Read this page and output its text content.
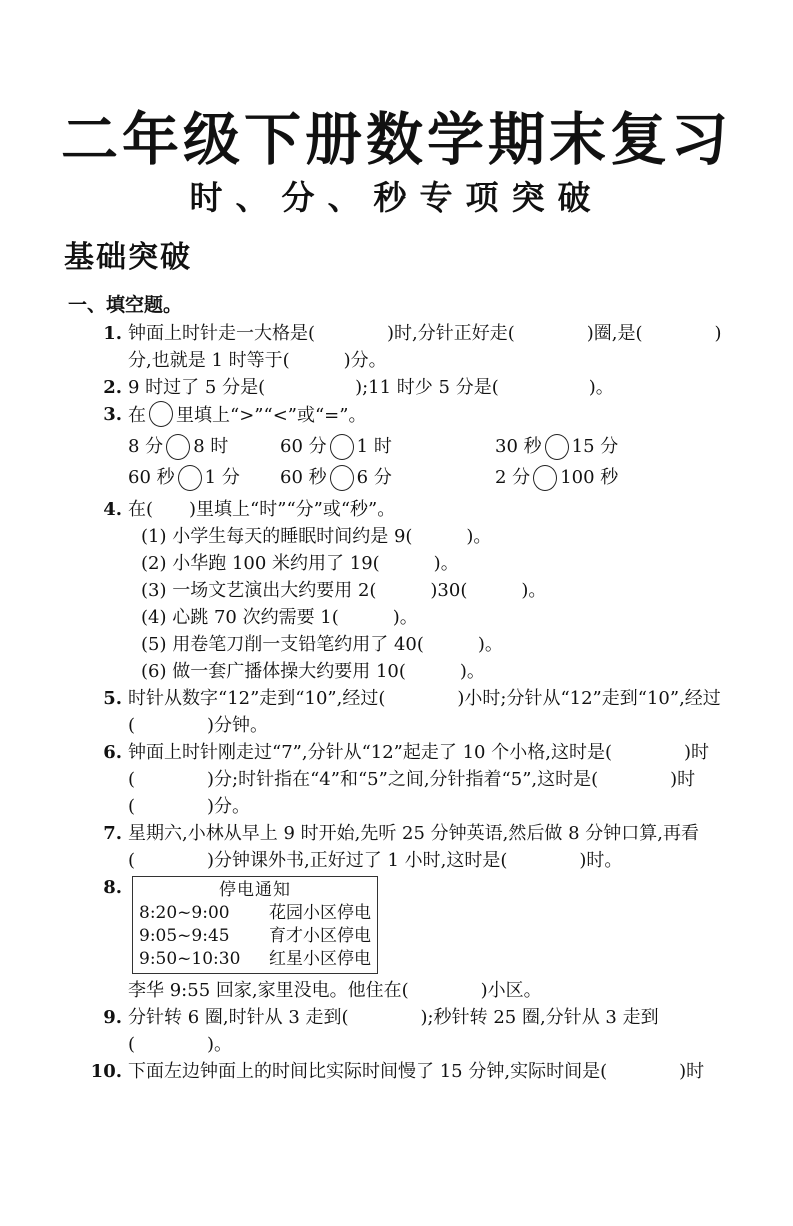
二年级下册数学期末复习
时、分、秒专项突破
基础突破
一、填空题。
1. 钟面上时针走一大格是(　　　　)时,分针正好走(　　　　)圈,是(　　　　)
分,也就是 1 时等于(　　　)分。
2. 9 时过了 5 分是(　　　　　);11 时少 5 分是(　　　　　)。
3. 在 里填上“>”“<”或“=”。
8 分 8 时	60 分 1 时	30 秒 15 分
60 秒 1 分 60 秒 6 分	2 分 100 秒
4. 在(　　)里填上“时”“分”或“秒”。
(1) 小学生每天的睡眠时间约是 9(　　　)。
(2) 小华跑 100 米约用了 19(　　　)。
(3) 一场文艺演出大约要用 2(　　　)30(　　　)。
(4) 心跳 70 次约需要 1(　　　)。
(5) 用卷笔刀削一支铅笔约用了 40(　　　)。
(6) 做一套广播体操大约要用 10(　　　)。
5. 时针从数字“12”走到“10”,经过(　　　　)小时;分针从“12”走到“10”,经过
(　　　　)分钟。
6. 钟面上时针刚走过“7”,分针从“12”起走了 10 个小格,这时是(　　　　)时
(　　　　)分;时针指在“4”和“5”之间,分针指着“5”,这时是(　　　　)时
(　　　　)分。
7. 星期六,小林从早上 9 时开始,先听 25 分钟英语,然后做 8 分钟口算,再看
(　　　　)分钟课外书,正好过了 1 小时,这时是(　　　　)时。
8.	停电通知
8:20~9:00 花园小区停电
9:05~9:45 育才小区停电
9:50~10:30 红星小区停电
李华 9:55 回家,家里没电。他住在(　　　　)小区。
9. 分针转 6 圈,时针从 3 走到(　　　　);秒针转 25 圈,分针从 3 走到(　　　　)。
10. 下面左边钟面上的时间比实际时间慢了 15 分钟,实际时间是(　　　　)时
